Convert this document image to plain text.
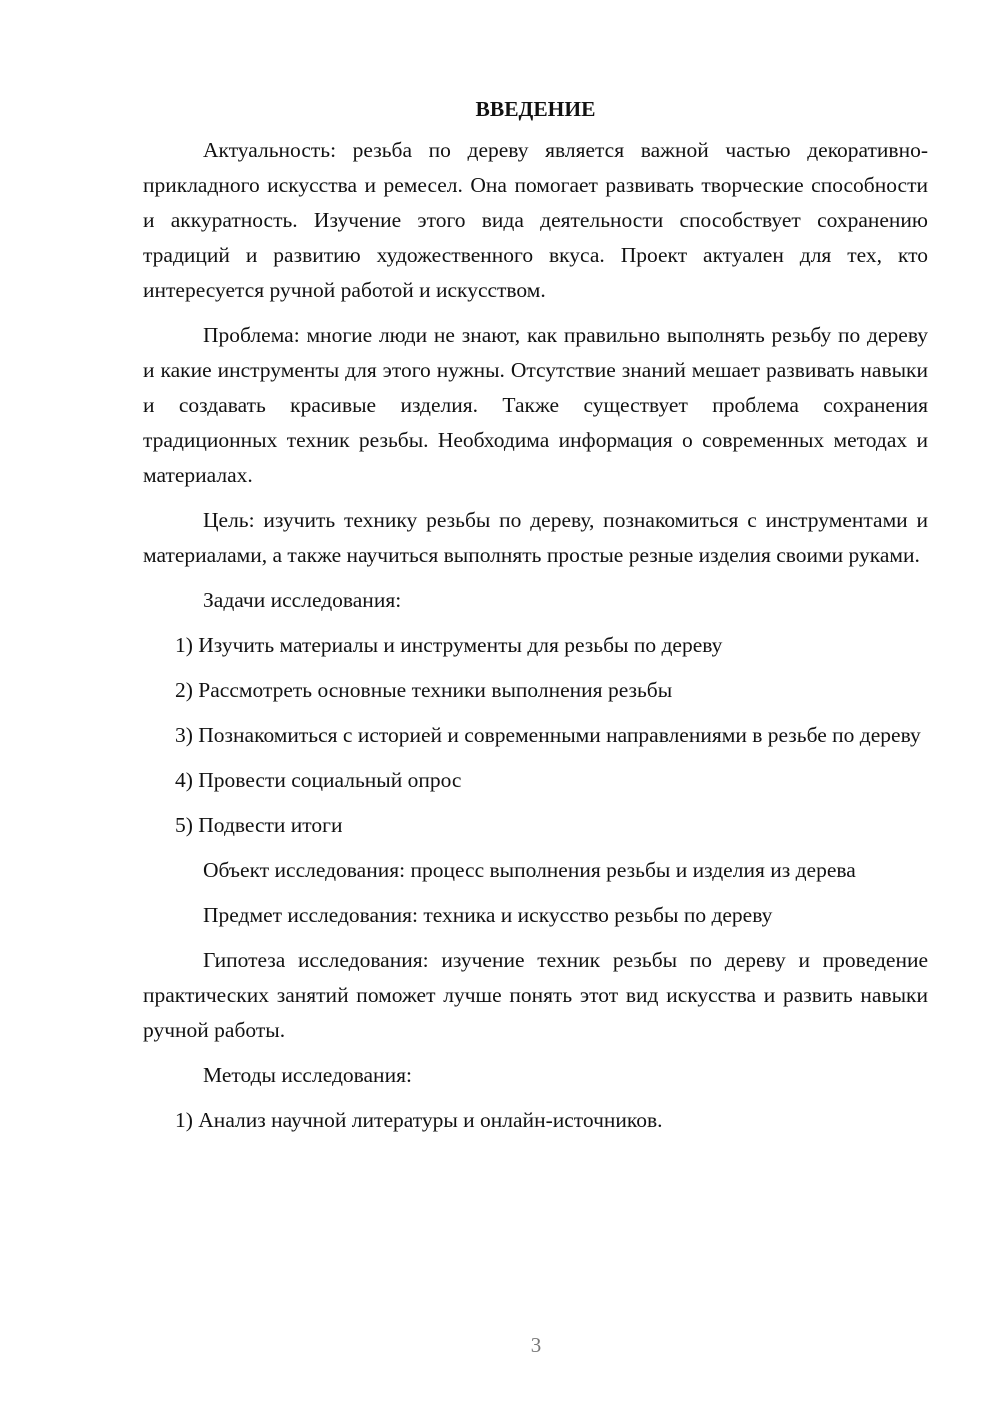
ВВЕДЕНИЕ

Актуальность: резьба по дереву является важной частью декоративно-прикладного искусства и ремесел. Она помогает развивать творческие способности и аккуратность. Изучение этого вида деятельности способствует сохранению традиций и развитию художественного вкуса. Проект актуален для тех, кто интересуется ручной работой и искусством.

Проблема: многие люди не знают, как правильно выполнять резьбу по дереву и какие инструменты для этого нужны. Отсутствие знаний мешает развивать навыки и создавать красивые изделия. Также существует проблема сохранения традиционных техник резьбы. Необходима информация о современных методах и материалах.

Цель: изучить технику резьбы по дереву, познакомиться с инструментами и материалами, а также научиться выполнять простые резные изделия своими руками.

Задачи исследования:

1) Изучить материалы и инструменты для резьбы по дереву

2) Рассмотреть основные техники выполнения резьбы

3) Познакомиться с историей и современными направлениями в резьбе по дереву

4) Провести социальный опрос

5) Подвести итоги

Объект исследования: процесс выполнения резьбы и изделия из дерева

Предмет исследования: техника и искусство резьбы по дереву

Гипотеза исследования: изучение техник резьбы по дереву и проведение практических занятий поможет лучше понять этот вид искусства и развить навыки ручной работы.

Методы исследования:

1) Анализ научной литературы и онлайн-источников.

3
